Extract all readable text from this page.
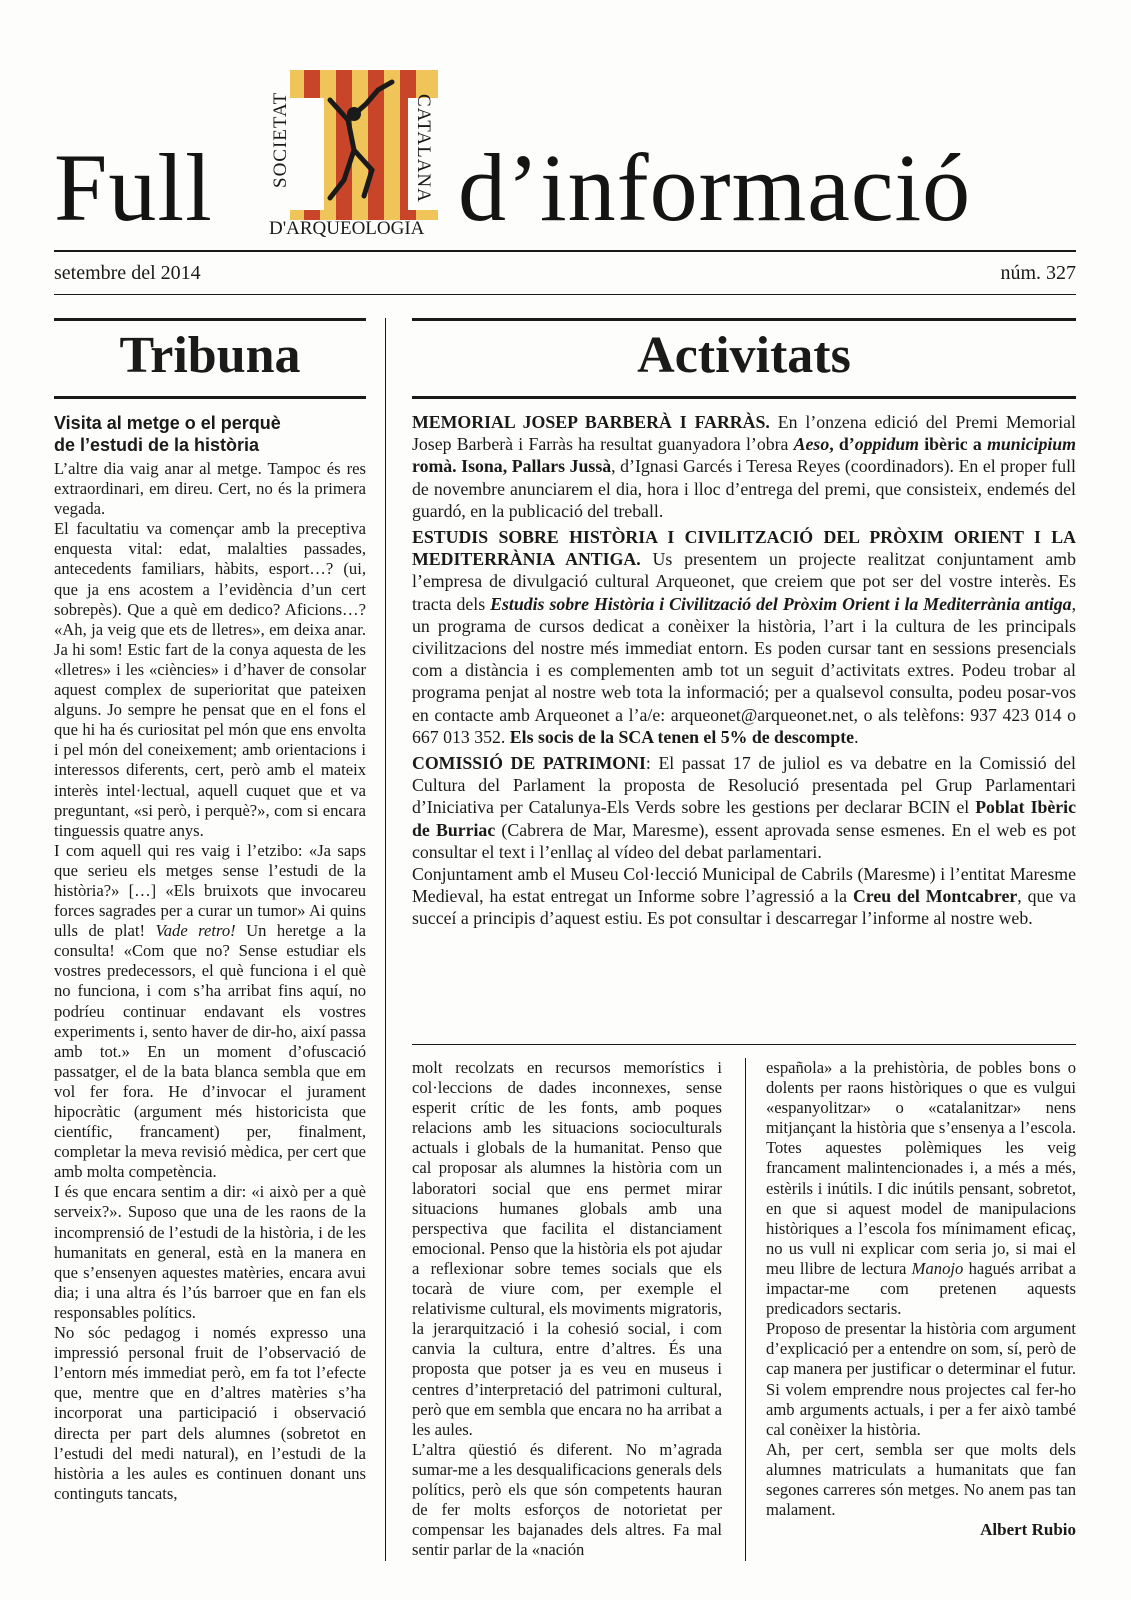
Full	SOCIETAT	CATALANA
D'ARQUEOLOGIA d’informació
setembre del 2014	núm. 327
Tribuna	Activitats
Visita al metge o el perquè
de l’estudi de la història

L’altre dia vaig anar al metge. Tampoc és res extraordinari, em direu. Cert, no és la primera vegada.

El facultatiu va començar amb la preceptiva enquesta vital: edat, malalties passades, antecedents familiars, hàbits, esport…? (ui, que ja ens acostem a l’evidència d’un cert sobrepès). Que a què em dedico? Aficions…? «Ah, ja veig que ets de lletres», em deixa anar. Ja hi som! Estic fart de la conya aquesta de les «lletres» i les «ciències» i d’haver de consolar aquest complex de superioritat que pateixen alguns. Jo sempre he pensat que en el fons el que hi ha és curiositat pel món que ens envolta i pel món del coneixement; amb orientacions i interessos diferents, cert, però amb el mateix interès intel·lectual, aquell cuquet que et va preguntant, «si però, i perquè?», com si encara tinguessis quatre anys.

I com aquell qui res vaig i l’etzibo: «Ja saps que serieu els metges sense l’estudi de la història?» […] «Els bruixots que invocareu forces sagrades per a curar un tumor» Ai quins ulls de plat! Vade retro! Un heretge a la consulta! «Com que no? Sense estudiar els vostres predecessors, el què funciona i el què no funciona, i com s’ha arribat fins aquí, no podríeu continuar endavant els vostres experiments i, sento haver de dir-ho, així passa amb tot.» En un moment d’ofuscació passatger, el de la bata blanca sembla que em vol fer fora. He d’invocar el jurament hipocràtic (argument més historicista que científic, francament) per, finalment, completar la meva revisió mèdica, per cert que amb molta competència.

I és que encara sentim a dir: «i això per a què serveix?». Suposo que una de les raons de la incomprensió de l’estudi de la història, i de les humanitats en general, està en la manera en que s’ensenyen aquestes matèries, encara avui dia; i una altra és l’ús barroer que en fan els responsables polítics.

No sóc pedagog i només expresso una impressió personal fruit de l’observació de l’entorn més immediat però, em fa tot l’efecte que, mentre que en d’altres matèries s’ha incorporat una participació i observació directa per part dels alumnes (sobretot en l’estudi del medi natural), en l’estudi de la història a les aules es continuen donant uns continguts tancats,

MEMORIAL JOSEP BARBERÀ I FARRÀS. En l’onzena edició del Premi Memorial Josep Barberà i Farràs ha resultat guanyadora l’obra Aeso, d’oppidum ibèric a municipium romà. Isona, Pallars Jussà, d’Ignasi Garcés i Teresa Reyes (coordinadors). En el proper full de novembre anunciarem el dia, hora i lloc d’entrega del premi, que consisteix, endemés del guardó, en la publicació del treball.

ESTUDIS SOBRE HISTÒRIA I CIVILITZACIÓ DEL PRÒXIM ORIENT I LA MEDITERRÀNIA ANTIGA. Us presentem un projecte realitzat conjuntament amb l’empresa de divulgació cultural Arqueonet, que creiem que pot ser del vostre interès. Es tracta dels Estudis sobre Història i Civilització del Pròxim Orient i la Mediterrània antiga, un programa de cursos dedicat a conèixer la història, l’art i la cultura de les principals civilitzacions del nostre més immediat entorn. Es poden cursar tant en sessions presencials com a distància i es complementen amb tot un seguit d’activitats extres. Podeu trobar al programa penjat al nostre web tota la informació; per a qualsevol consulta, podeu posar-vos en contacte amb Arqueonet a l’a/e: arqueonet@arqueonet.net, o als telèfons: 937 423 014 o 667 013 352. Els socis de la SCA tenen el 5% de descompte.

COMISSIÓ DE PATRIMONI: El passat 17 de juliol es va debatre en la Comissió del Cultura del Parlament la proposta de Resolució presentada pel Grup Parlamentari d’Iniciativa per Catalunya-Els Verds sobre les gestions per declarar BCIN el Poblat Ibèric de Burriac (Cabrera de Mar, Maresme), essent aprovada sense esmenes. En el web es pot consultar el text i l’enllaç al vídeo del debat parlamentari.

Conjuntament amb el Museu Col·lecció Municipal de Cabrils (Maresme) i l’entitat Maresme Medieval, ha estat entregat un Informe sobre l’agressió a la Creu del Montcabrer, que va succeí a principis d’aquest estiu. Es pot consultar i descarregar l’informe al nostre web.

molt recolzats en recursos memorístics i col·leccions de dades inconnexes, sense esperit crític de les fonts, amb poques relacions amb les situacions socioculturals actuals i globals de la humanitat. Penso que cal proposar als alumnes la història com un laboratori social que ens permet mirar situacions humanes globals amb una perspectiva que facilita el distanciament emocional. Penso que la història els pot ajudar a reflexionar sobre temes socials que els tocarà de viure com, per exemple el relativisme cultural, els moviments migratoris, la jerarquització i la cohesió social, i com canvia la cultura, entre d’altres. És una proposta que potser ja es veu en museus i centres d’interpretació del patrimoni cultural, però que em sembla que encara no ha arribat a les aules.

L’altra qüestió és diferent. No m’agrada sumar-me a les desqualificacions generals dels polítics, però els que són competents hauran de fer molts esforços de notorietat per compensar les bajanades dels altres. Fa mal sentir parlar de la «nación

española» a la prehistòria, de pobles bons o dolents per raons històriques o que es vulgui «espanyolitzar» o «catalanitzar» nens mitjançant la història que s’ensenya a l’escola. Totes aquestes polèmiques les veig francament malintencionades i, a més a més, estèrils i inútils. I dic inútils pensant, sobretot, en que si aquest model de manipulacions històriques a l’escola fos mínimament eficaç, no us vull ni explicar com seria jo, si mai el meu llibre de lectura Manojo hagués arribat a impactar-me com pretenen aquests predicadors sectaris.

Proposo de presentar la història com argument d’explicació per a entendre on som, sí, però de cap manera per justificar o determinar el futur. Si volem emprendre nous projectes cal fer-ho amb arguments actuals, i per a fer això també cal conèixer la història.

Ah, per cert, sembla ser que molts dels alumnes matriculats a humanitats que fan segones carreres són metges. No anem pas tan malament.

Albert Rubio
